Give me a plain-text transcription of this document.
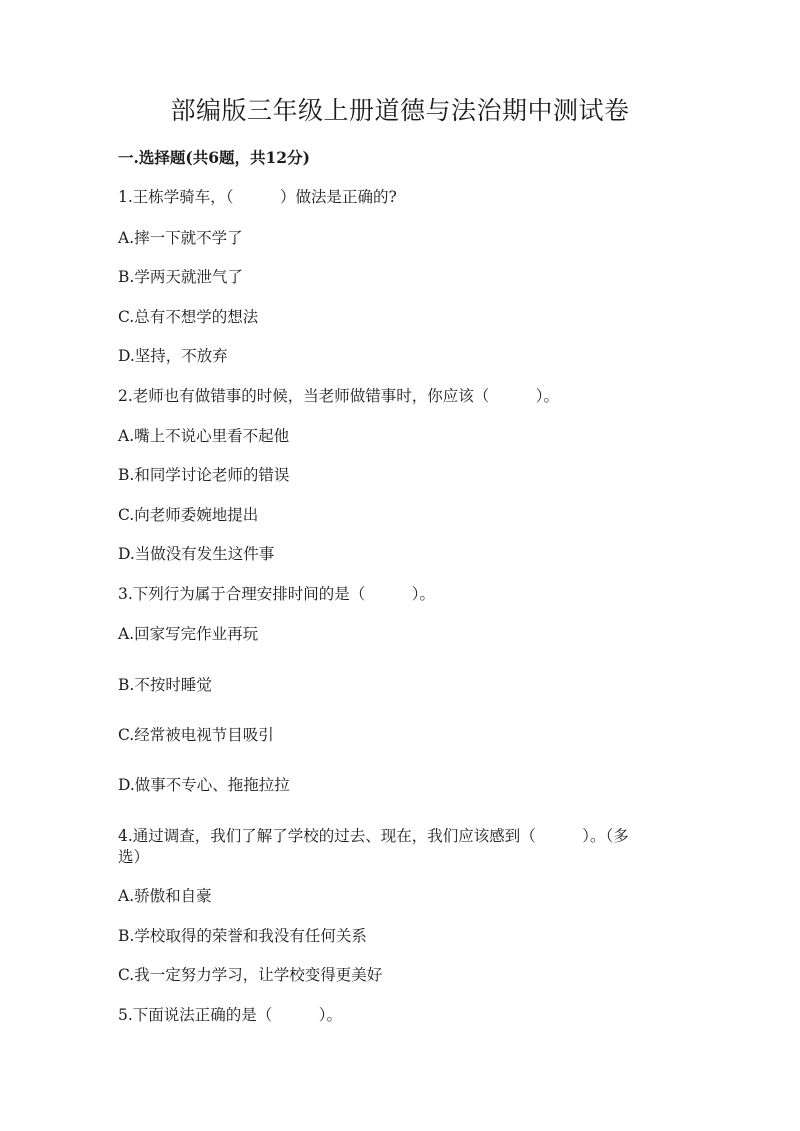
部编版三年级上册道德与法治期中测试卷
一.选择题(共6题，共12分)
1.王栋学骑车，（　　　）做法是正确的?
A.摔一下就不学了
B.学两天就泄气了
C.总有不想学的想法
D.坚持，不放弃
2.老师也有做错事的时候，当老师做错事时，你应该（　　　）。
A.嘴上不说心里看不起他
B.和同学讨论老师的错误
C.向老师委婉地提出
D.当做没有发生这件事
3.下列行为属于合理安排时间的是（　　　）。
A.回家写完作业再玩
B.不按时睡觉
C.经常被电视节目吸引
D.做事不专心、拖拖拉拉
4.通过调查，我们了解了学校的过去、现在，我们应该感到（　　　）。（多
选）
A.骄傲和自豪
B.学校取得的荣誉和我没有任何关系
C.我一定努力学习，让学校变得更美好
5.下面说法正确的是（　　　）。
